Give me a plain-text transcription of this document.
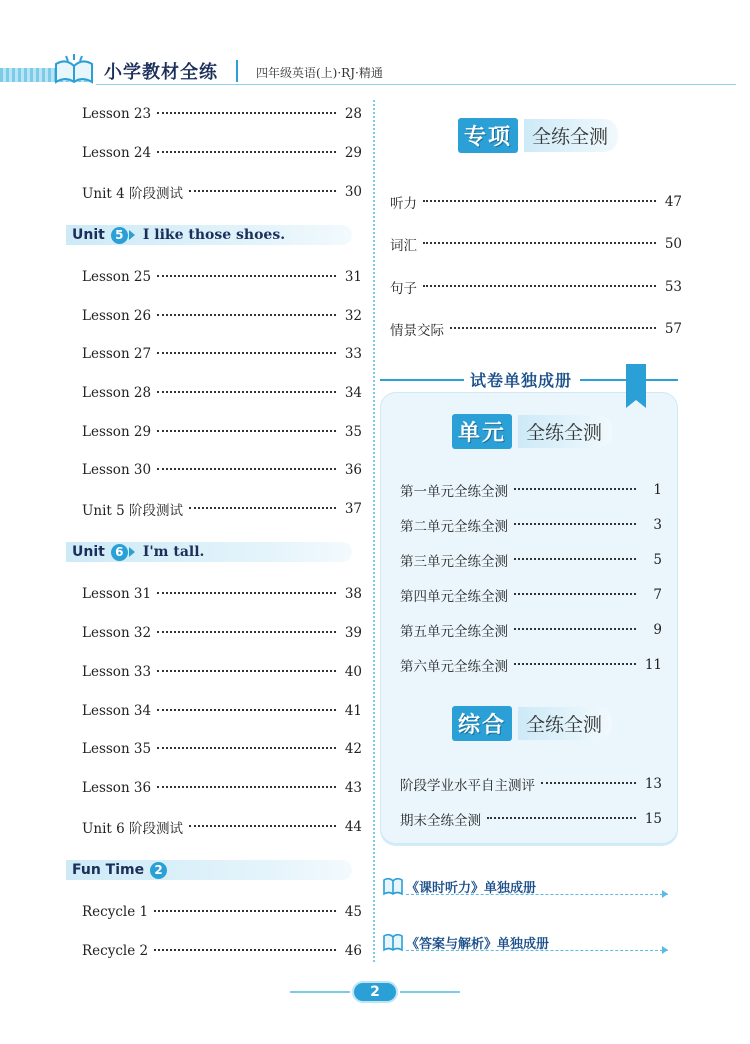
小学教材全练	四年级英语(上)·RJ·精通
Lesson 23	28
Lesson 24	29
Unit 4 阶段测试	30
Unit 5	I like those shoes.
Lesson 25	31
Lesson 26	32
Lesson 27	33
Lesson 28	34
Lesson 29	35
Lesson 30	36
Unit 5 阶段测试	37
Unit 6	I'm tall.
Lesson 31	38
Lesson 32	39
Lesson 33	40
Lesson 34	41
Lesson 35	42
Lesson 36	43
Unit 6 阶段测试	44
Fun Time 2
Recycle 1	45
Recycle 2	46
专项	全练全测
听力	47
词汇	50
句子	53
情景交际	57
试卷单独成册
单元	全练全测
第一单元全练全测	1
第二单元全练全测	3
第三单元全练全测	5
第四单元全练全测	7
第五单元全练全测	9
第六单元全练全测	11
综合	全练全测
阶段学业水平自主测评	13
期末全练全测	15
《课时听力》单独成册
《答案与解析》单独成册
2
